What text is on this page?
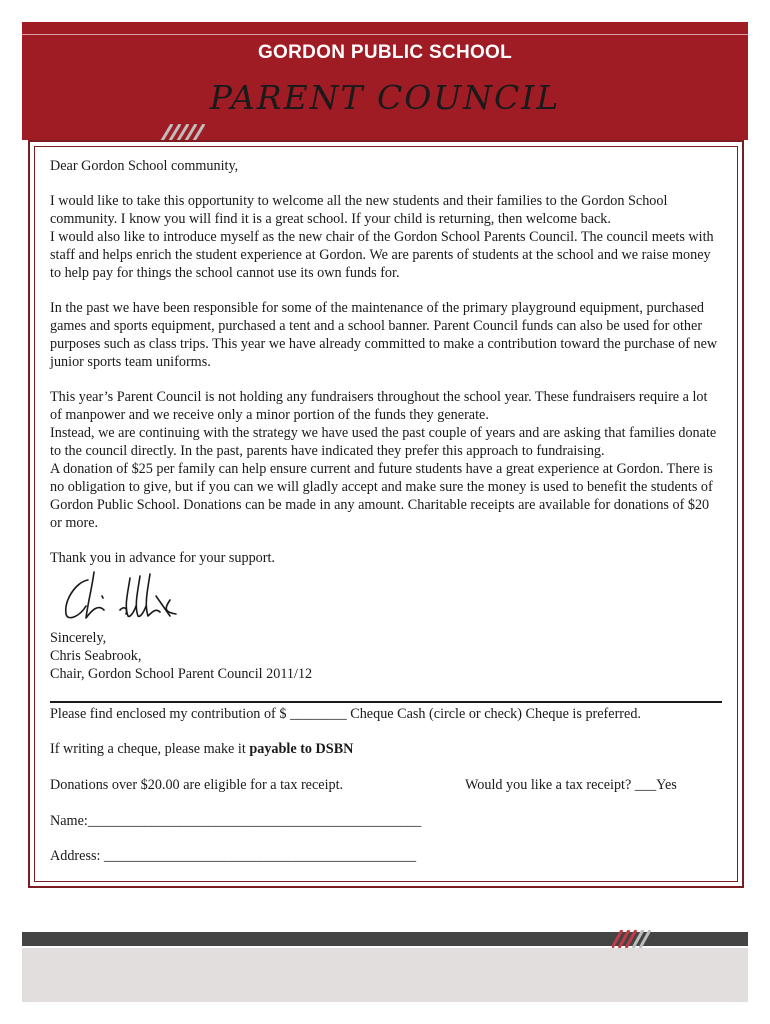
GORDON PUBLIC SCHOOL
PARENT COUNCIL

Dear Gordon School community,

I would like to take this opportunity to welcome all the new students and their families to the Gordon School community. I know you will find it is a great school. If your child is returning, then welcome back.
I would also like to introduce myself as the new chair of the Gordon School Parents Council. The council meets with staff and helps enrich the student experience at Gordon. We are parents of students at the school and we raise money to help pay for things the school cannot use its own funds for.

In the past we have been responsible for some of the maintenance of the primary playground equipment, purchased games and sports equipment, purchased a tent and a school banner. Parent Council funds can also be used for other purposes such as class trips. This year we have already committed to make a contribution toward the purchase of new junior sports team uniforms.

This year’s Parent Council is not holding any fundraisers throughout the school year. These fundraisers require a lot of manpower and we receive only a minor portion of the funds they generate.
Instead, we are continuing with the strategy we have used the past couple of years and are asking that families donate to the council directly. In the past, parents have indicated they prefer this approach to fundraising.
A donation of $25 per family can help ensure current and future students have a great experience at Gordon. There is no obligation to give, but if you can we will gladly accept and make sure the money is used to benefit the students of Gordon Public School. Donations can be made in any amount. Charitable receipts are available for donations of $20 or more.

Thank you in advance for your support.

Sincerely,
Chris Seabrook,
Chair, Gordon School Parent Council 2011/12
Please find enclosed my contribution of $ ________ Cheque Cash (circle or check) Cheque is preferred.
If writing a cheque, please make it payable to DSBN
Donations over $20.00 are eligible for a tax receipt.	Would you like a tax receipt? ___Yes
Name:_______________________________________________
Address: ____________________________________________
